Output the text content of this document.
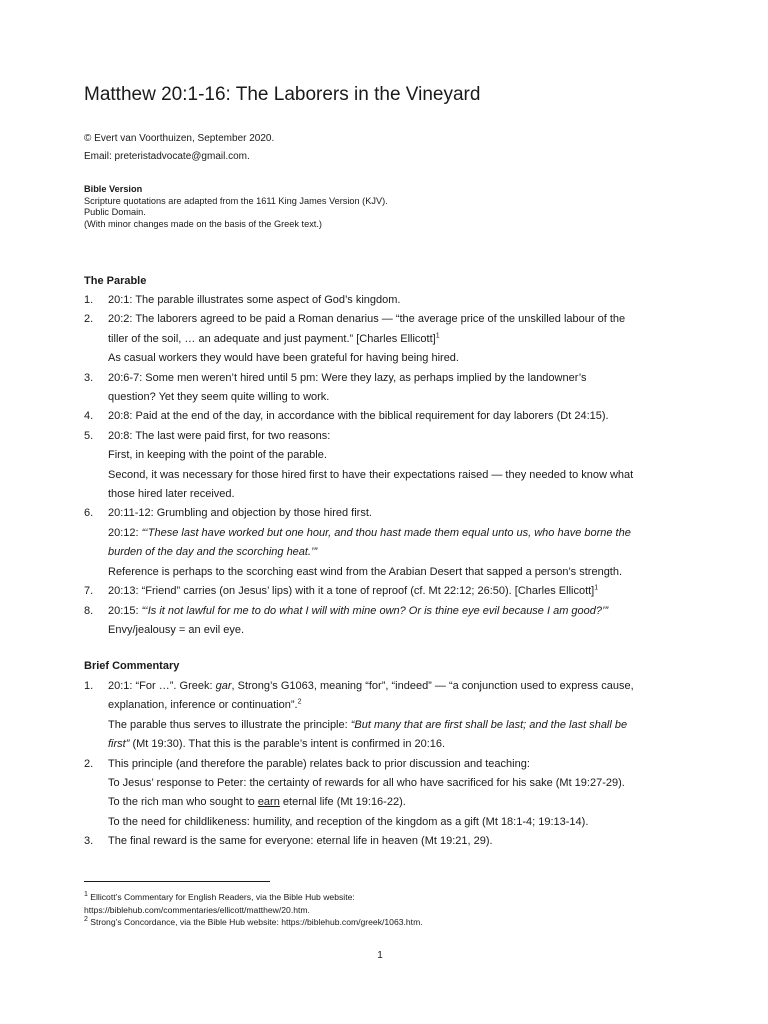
Matthew 20:1-16: The Laborers in the Vineyard
© Evert van Voorthuizen, September 2020.
Email: preteristadvocate@gmail.com.
Bible Version
Scripture quotations are adapted from the 1611 King James Version (KJV).
Public Domain.
(With minor changes made on the basis of the Greek text.)
The Parable
1. 20:1: The parable illustrates some aspect of God’s kingdom.
2. 20:2: The laborers agreed to be paid a Roman denarius — “the average price of the unskilled labour of the
tiller of the soil, … an adequate and just payment.” [Charles Ellicott]$^1$
As casual workers they would have been grateful for having being hired.
3. 20:6-7: Some men weren’t hired until 5 pm: Were they lazy, as perhaps implied by the landowner’s
question? Yet they seem quite willing to work.
4. 20:8: Paid at the end of the day, in accordance with the biblical requirement for day laborers (Dt 24:15).
5. 20:8: The last were paid first, for two reasons:
First, in keeping with the point of the parable.
Second, it was necessary for those hired first to have their expectations raised — they needed to know what
those hired later received.
6. 20:11-12: Grumbling and objection by those hired first.
20:12: “‘These last have worked but one hour, and thou hast made them equal unto us, who have borne the
burden of the day and the scorching heat.’”
Reference is perhaps to the scorching east wind from the Arabian Desert that sapped a person’s strength.
7. 20:13: “Friend” carries (on Jesus’ lips) with it a tone of reproof (cf. Mt 22:12; 26:50). [Charles Ellicott]$^1$
8. 20:15: “‘Is it not lawful for me to do what I will with mine own? Or is thine eye evil because I am good?’”
Envy/jealousy = an evil eye.
Brief Commentary
1. 20:1: “For …”. Greek: gar, Strong’s G1063, meaning “for”, “indeed” — “a conjunction used to express cause,
explanation, inference or continuation”.$^2$
The parable thus serves to illustrate the principle: “But many that are first shall be last; and the last shall be
first” (Mt 19:30). That this is the parable’s intent is confirmed in 20:16.
2. This principle (and therefore the parable) relates back to prior discussion and teaching:
To Jesus’ response to Peter: the certainty of rewards for all who have sacrificed for his sake (Mt 19:27-29).
To the rich man who sought to earn eternal life (Mt 19:16-22).
To the need for childlikeness: humility, and reception of the kingdom as a gift (Mt 18:1-4; 19:13-14).
3. The final reward is the same for everyone: eternal life in heaven (Mt 19:21, 29).
$^1$ Ellicott’s Commentary for English Readers, via the Bible Hub website:
https://biblehub.com/commentaries/ellicott/matthew/20.htm.
$^2$ Strong’s Concordance, via the Bible Hub website: https://biblehub.com/greek/1063.htm.
1
